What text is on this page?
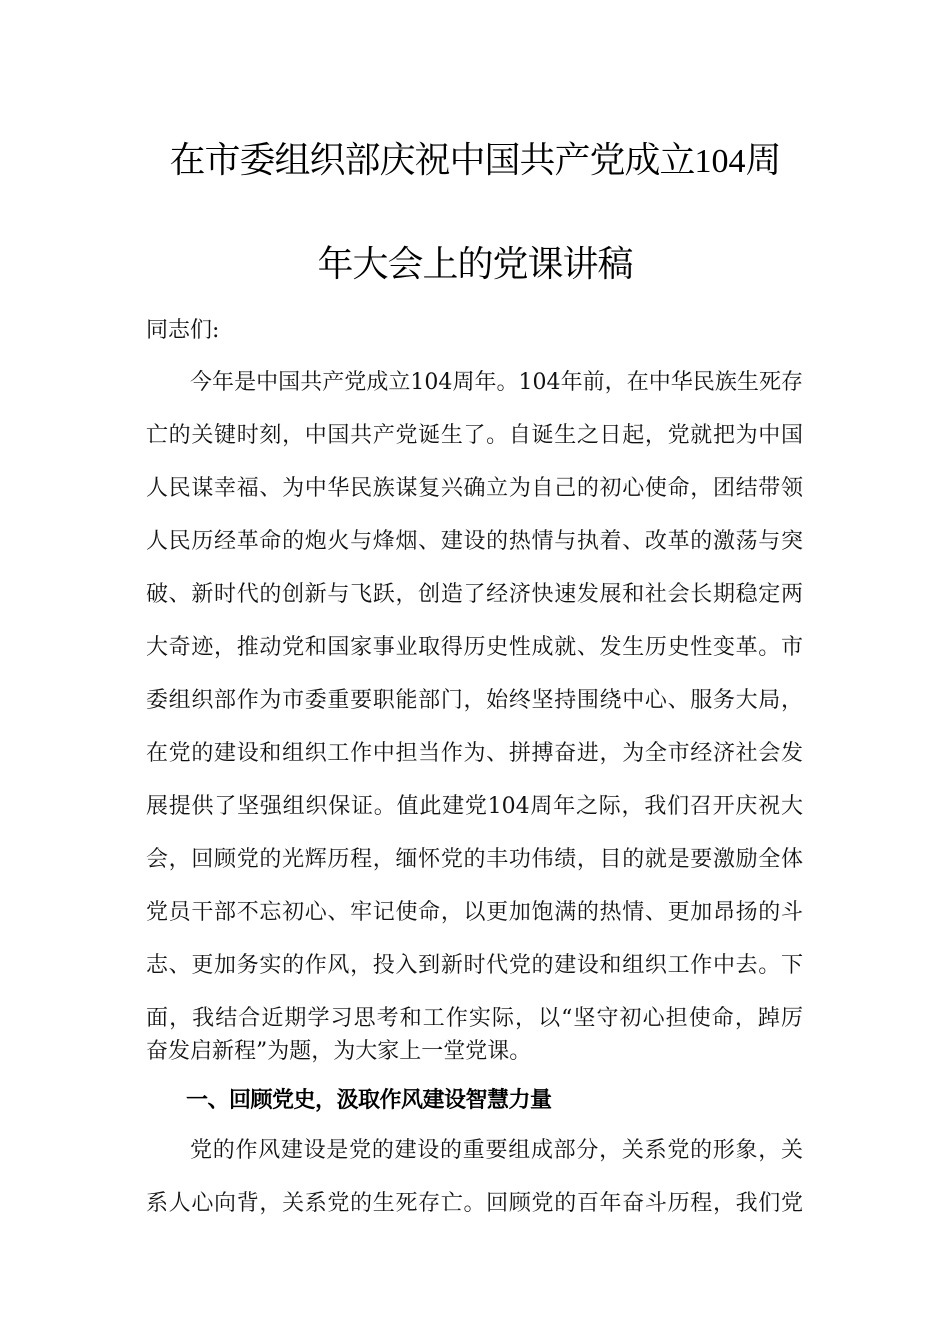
在市委组织部庆祝中国共产党成立104周
年大会上的党课讲稿
同志们:
今年是中国共产党成立104周年。104年前，在中华民族生死存
亡的关键时刻，中国共产党诞生了。自诞生之日起，党就把为中国
人民谋幸福、为中华民族谋复兴确立为自己的初心使命，团结带领
人民历经革命的炮火与烽烟、建设的热情与执着、改革的激荡与突
破、新时代的创新与飞跃，创造了经济快速发展和社会长期稳定两
大奇迹，推动党和国家事业取得历史性成就、发生历史性变革。市
委组织部作为市委重要职能部门，始终坚持围绕中心、服务大局，
在党的建设和组织工作中担当作为、拼搏奋进，为全市经济社会发
展提供了坚强组织保证。值此建党104周年之际，我们召开庆祝大
会，回顾党的光辉历程，缅怀党的丰功伟绩，目的就是要激励全体
党员干部不忘初心、牢记使命，以更加饱满的热情、更加昂扬的斗
志、更加务实的作风，投入到新时代党的建设和组织工作中去。下
面，我结合近期学习思考和工作实际，以“坚守初心担使命，踔厉
奋发启新程”为题，为大家上一堂党课。
一、回顾党史，汲取作风建设智慧力量
党的作风建设是党的建设的重要组成部分，关系党的形象，关
系人心向背，关系党的生死存亡。回顾党的百年奋斗历程，我们党
